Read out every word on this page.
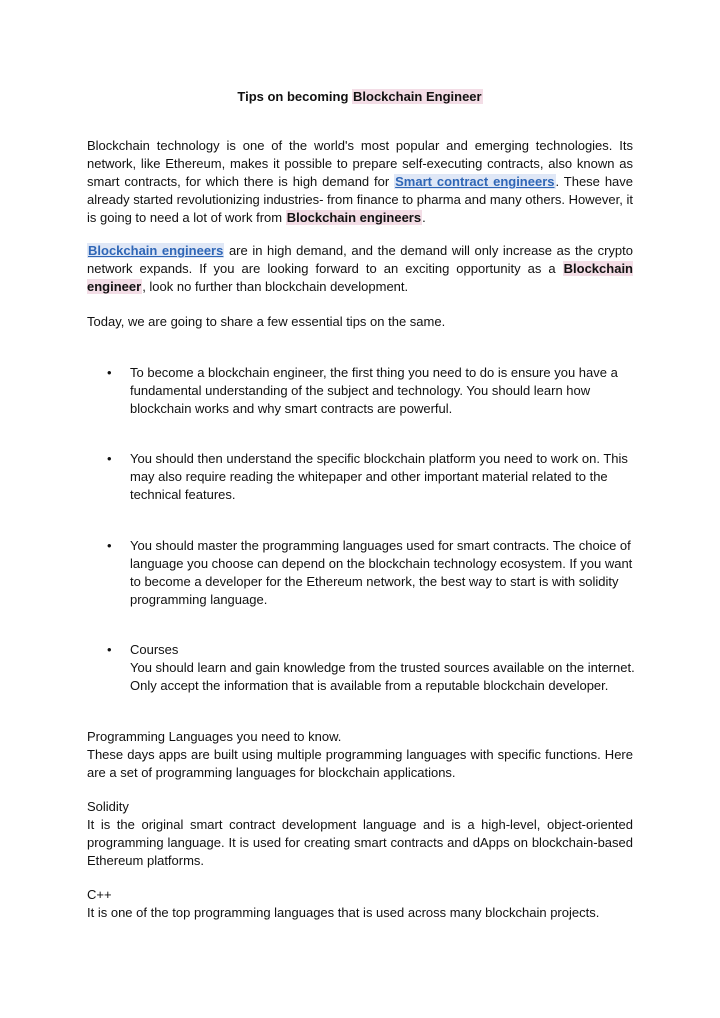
Tips on becoming Blockchain Engineer
Blockchain technology is one of the world's most popular and emerging technologies. Its network, like Ethereum, makes it possible to prepare self-executing contracts, also known as smart contracts, for which there is high demand for Smart contract engineers. These have already started revolutionizing industries- from finance to pharma and many others. However, it is going to need a lot of work from Blockchain engineers.
Blockchain engineers are in high demand, and the demand will only increase as the crypto network expands. If you are looking forward to an exciting opportunity as a Blockchain engineer, look no further than blockchain development.
Today, we are going to share a few essential tips on the same.
• To become a blockchain engineer, the first thing you need to do is ensure you have a fundamental understanding of the subject and technology. You should learn how blockchain works and why smart contracts are powerful.
• You should then understand the specific blockchain platform you need to work on. This may also require reading the whitepaper and other important material related to the technical features.
• You should master the programming languages used for smart contracts. The choice of language you choose can depend on the blockchain technology ecosystem. If you want to become a developer for the Ethereum network, the best way to start is with solidity programming language.
• Courses
You should learn and gain knowledge from the trusted sources available on the internet. Only accept the information that is available from a reputable blockchain developer.
Programming Languages you need to know.
These days apps are built using multiple programming languages with specific functions. Here are a set of programming languages for blockchain applications.
Solidity
It is the original smart contract development language and is a high-level, object-oriented programming language. It is used for creating smart contracts and dApps on blockchain-based Ethereum platforms.
C++
It is one of the top programming languages that is used across many blockchain projects.
